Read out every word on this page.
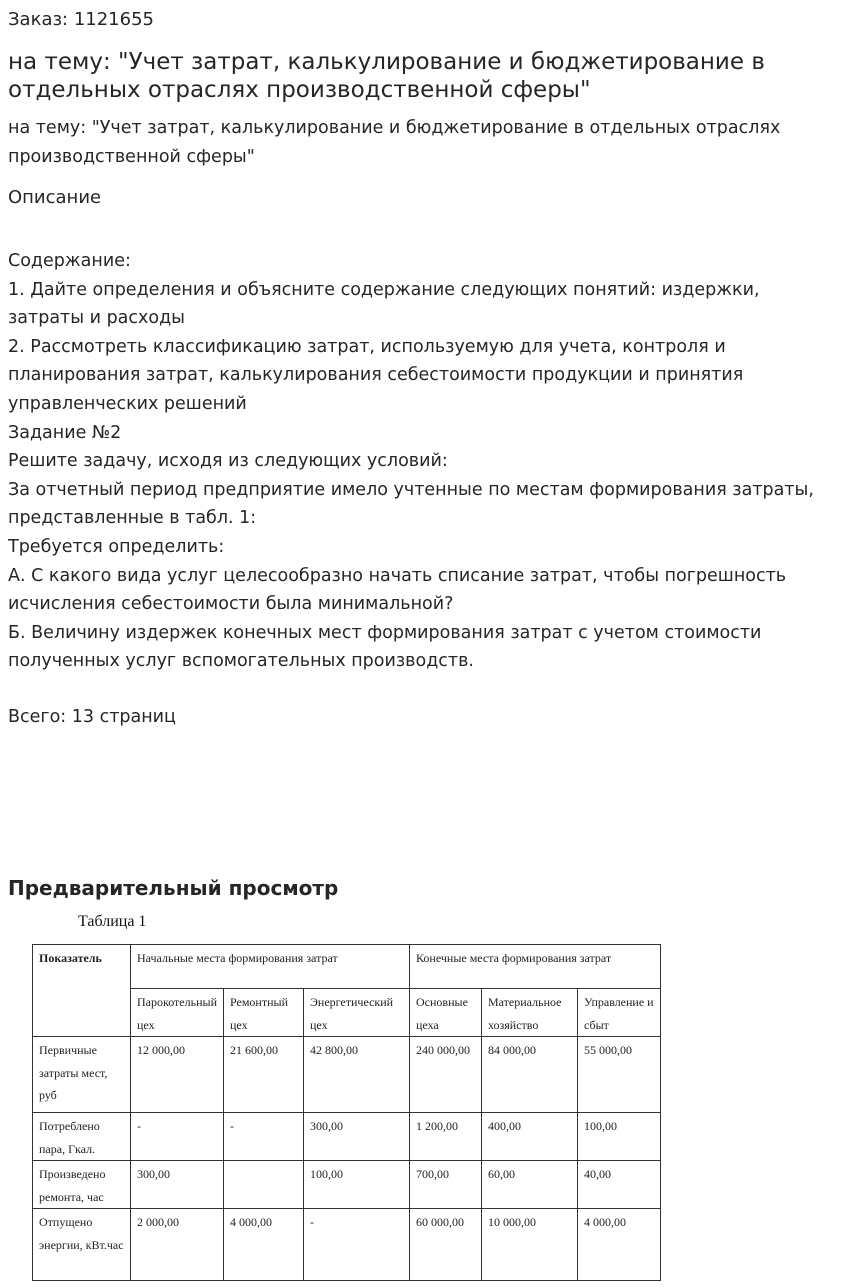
Заказ: 1121655
на тему: "Учет затрат, калькулирование и бюджетирование в отдельных отраслях производственной сферы"
на тему: "Учет затрат, калькулирование и бюджетирование в отдельных отраслях производственной сферы"
Описание

Содержание:

1. Дайте определения и объясните содержание следующих понятий: издержки, затраты и расходы

2. Рассмотреть классификацию затрат, используемую для учета, контроля и планирования затрат, калькулирования себестоимости продукции и принятия управленческих решений

Задание №2

Решите задачу, исходя из следующих условий:

За отчетный период предприятие имело учтенные по местам формирования затраты, представленные в табл. 1:

Требуется определить:

А. С какого вида услуг целесообразно начать списание затрат, чтобы погрешность исчисления себестоимости была минимальной?

Б. Величину издержек конечных мест формирования затрат с учетом стоимости полученных услуг вспомогательных производств.

Всего: 13 страниц
Предварительный просмотр
Таблица 1
Показатель	Начальные места формирования затрат			Конечные места формирования затрат		
	Парокотельный цех	Ремонтный цех	Энергетический цех	Основные цеха	Материальное хозяйство	Управление и сбыт
Первичные затраты мест, руб	12 000,00	21 600,00	42 800,00	240 000,00	84 000,00	55 000,00
Потреблено пара, Гкал.	-	-	300,00	1 200,00	400,00	100,00
Произведено ремонта, час	300,00		100,00	700,00	60,00	40,00
Отпущено энергии, кВт.час	2 000,00	4 000,00	-	60 000,00	10 000,00	4 000,00
